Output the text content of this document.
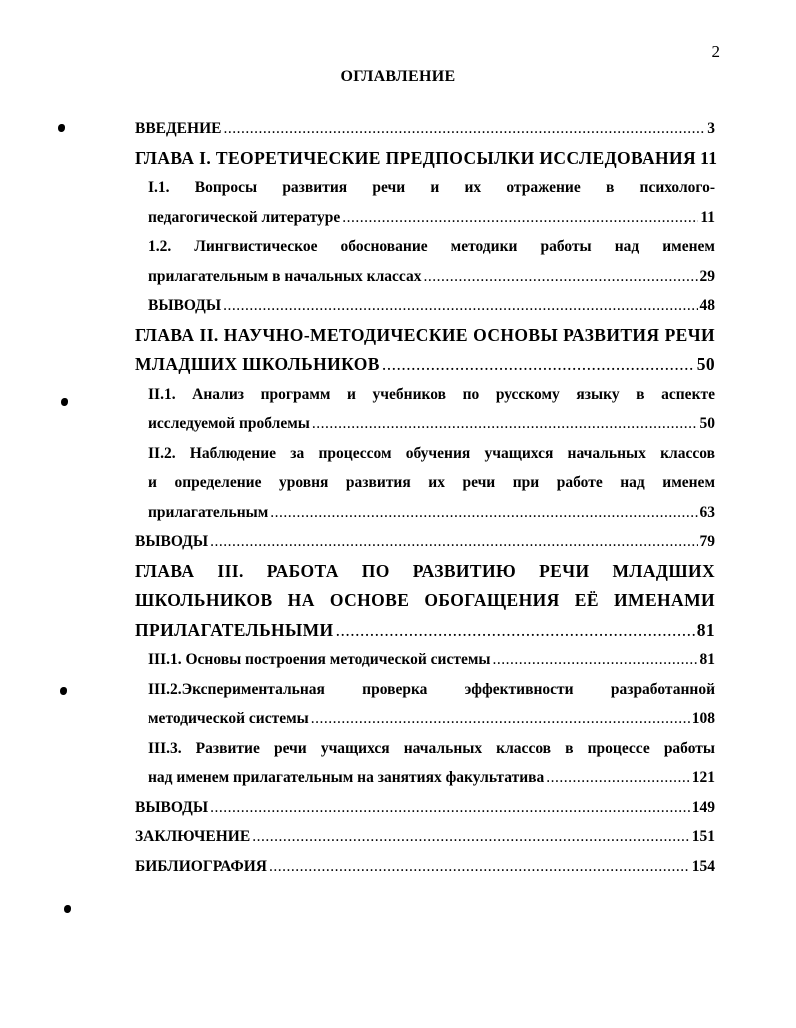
2
ОГЛАВЛЕНИЕ
ВВЕДЕНИЕ .....	3
ГЛАВА I. ТЕОРЕТИЧЕСКИЕ ПРЕДПОСЫЛКИ ИССЛЕДОВАНИЯ 11
I.1. Вопросы развития речи и их отражение в психолого-
педагогической литературе .....	11
1.2. Лингвистическое обоснование методики работы над именем
прилагательным в начальных классах .....	29
ВЫВОДЫ .....	48
ГЛАВА II. НАУЧНО-МЕТОДИЧЕСКИЕ ОСНОВЫ РАЗВИТИЯ РЕЧИ
МЛАДШИХ ШКОЛЬНИКОВ .....	50
II.1. Анализ программ и учебников по русскому языку в аспекте
исследуемой проблемы .....	50
II.2. Наблюдение за процессом обучения учащихся начальных классов
и определение уровня развития их речи при работе над именем
прилагательным .....	63
ВЫВОДЫ .....	79
ГЛАВА III. РАБОТА ПО РАЗВИТИЮ РЕЧИ МЛАДШИХ
ШКОЛЬНИКОВ НА ОСНОВЕ ОБОГАЩЕНИЯ ЕЁ ИМЕНАМИ
ПРИЛАГАТЕЛЬНЫМИ .....	81
III.1. Основы построения методической системы .....	81
III.2.Экспериментальная проверка эффективности разработанной
методической системы .....	108
III.3. Развитие речи учащихся начальных классов в процессе работы
над именем прилагательным на занятиях факультатива .....	121
ВЫВОДЫ .....	149
ЗАКЛЮЧЕНИЕ .....	151
БИБЛИОГРАФИЯ .....	154
